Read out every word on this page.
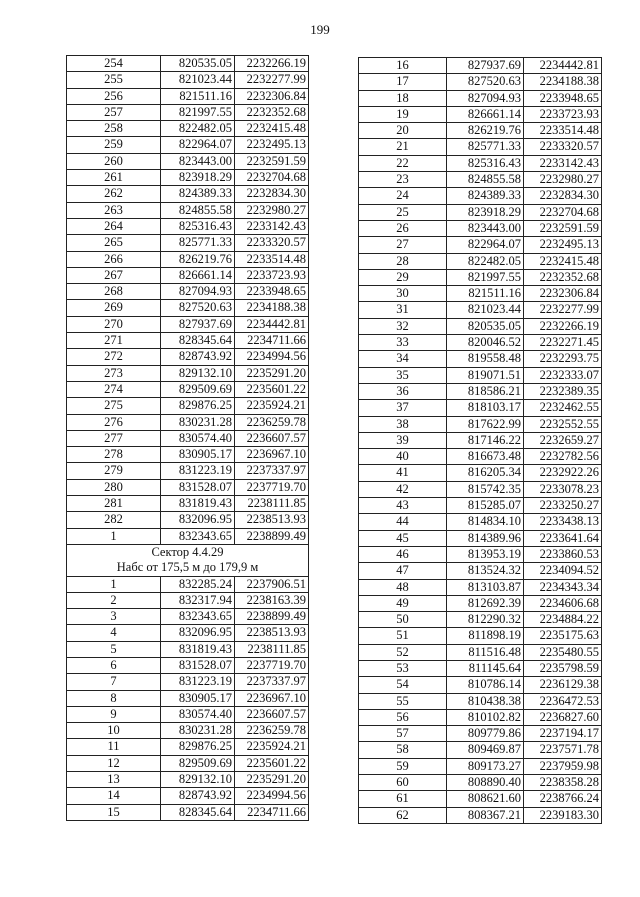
199
254	820535.05	2232266.19
255	821023.44	2232277.99
256	821511.16	2232306.84
257	821997.55	2232352.68
258	822482.05	2232415.48
259	822964.07	2232495.13
260	823443.00	2232591.59
261	823918.29	2232704.68
262	824389.33	2232834.30
263	824855.58	2232980.27
264	825316.43	2233142.43
265	825771.33	2233320.57
266	826219.76	2233514.48
267	826661.14	2233723.93
268	827094.93	2233948.65
269	827520.63	2234188.38
270	827937.69	2234442.81
271	828345.64	2234711.66
272	828743.92	2234994.56
273	829132.10	2235291.20
274	829509.69	2235601.22
275	829876.25	2235924.21
276	830231.28	2236259.78
277	830574.40	2236607.57
278	830905.17	2236967.10
279	831223.19	2237337.97
280	831528.07	2237719.70
281	831819.43	2238111.85
282	832096.95	2238513.93
1	832343.65	2238899.49
Сектор 4.4.29		
Набс от 175,5 м до 179,9 м		
1	832285.24	2237906.51
2	832317.94	2238163.39
3	832343.65	2238899.49
4	832096.95	2238513.93
5	831819.43	2238111.85
6	831528.07	2237719.70
7	831223.19	2237337.97
8	830905.17	2236967.10
9	830574.40	2236607.57
10	830231.28	2236259.78
11	829876.25	2235924.21
12	829509.69	2235601.22
13	829132.10	2235291.20
14	828743.92	2234994.56
15	828345.64	2234711.66
16	827937.69	2234442.81
17	827520.63	2234188.38
18	827094.93	2233948.65
19	826661.14	2233723.93
20	826219.76	2233514.48
21	825771.33	2233320.57
22	825316.43	2233142.43
23	824855.58	2232980.27
24	824389.33	2232834.30
25	823918.29	2232704.68
26	823443.00	2232591.59
27	822964.07	2232495.13
28	822482.05	2232415.48
29	821997.55	2232352.68
30	821511.16	2232306.84
31	821023.44	2232277.99
32	820535.05	2232266.19
33	820046.52	2232271.45
34	819558.48	2232293.75
35	819071.51	2232333.07
36	818586.21	2232389.35
37	818103.17	2232462.55
38	817622.99	2232552.55
39	817146.22	2232659.27
40	816673.48	2232782.56
41	816205.34	2232922.26
42	815742.35	2233078.23
43	815285.07	2233250.27
44	814834.10	2233438.13
45	814389.96	2233641.64
46	813953.19	2233860.53
47	813524.32	2234094.52
48	813103.87	2234343.34
49	812692.39	2234606.68
50	812290.32	2234884.22
51	811898.19	2235175.63
52	811516.48	2235480.55
53	811145.64	2235798.59
54	810786.14	2236129.38
55	810438.38	2236472.53
56	810102.82	2236827.60
57	809779.86	2237194.17
58	809469.87	2237571.78
59	809173.27	2237959.98
60	808890.40	2238358.28
61	808621.60	2238766.24
62	808367.21	2239183.30
